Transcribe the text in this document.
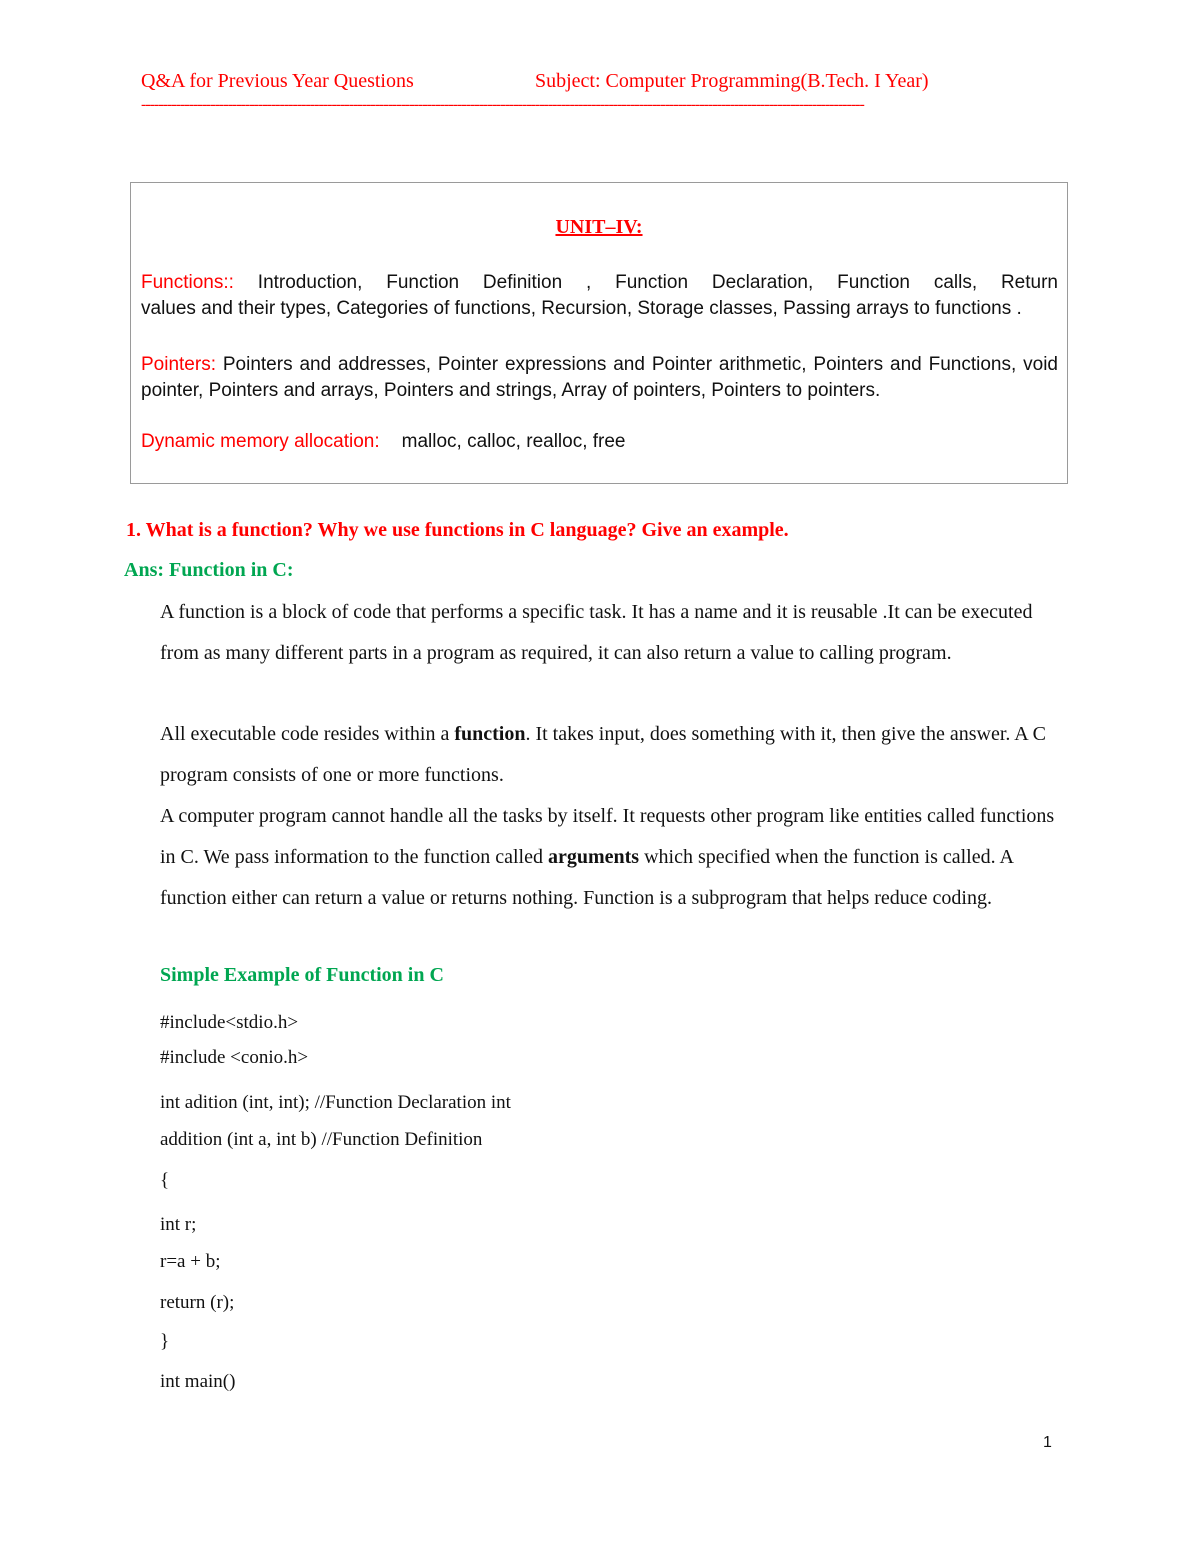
Q&A for Previous Year Questions	Subject: Computer Programming(B.Tech. I Year)
-----------------------------------------------------------------------------------------------------------------------------------------------------------------------
UNIT–IV:
Functions:: Introduction, Function Definition , Function Declaration, Function calls, Return
values and their types, Categories of functions, Recursion, Storage classes, Passing arrays to functions .
Pointers: Pointers and addresses, Pointer expressions and Pointer arithmetic, Pointers and Functions, void pointer, Pointers and arrays, Pointers and strings, Array of pointers, Pointers to pointers.
Dynamic memory allocation: malloc, calloc, realloc, free
1. What is a function? Why we use functions in C language? Give an example.
Ans: Function in C:
A function is a block of code that performs a specific task. It has a name and it is reusable .It can be executed from as many different parts in a program as required, it can also return a value to calling program.
All executable code resides within a function. It takes input, does something with it, then give the answer. A C program consists of one or more functions.
A computer program cannot handle all the tasks by itself. It requests other program like entities called functions in C. We pass information to the function called arguments which specified when the function is called. A function either can return a value or returns nothing. Function is a subprogram that helps reduce coding.
Simple Example of Function in C
#include<stdio.h>
#include <conio.h>
int adition (int, int); //Function Declaration int
addition (int a, int b) //Function Definition
{
int r;
r=a + b;
return (r);
}
int main()
1
